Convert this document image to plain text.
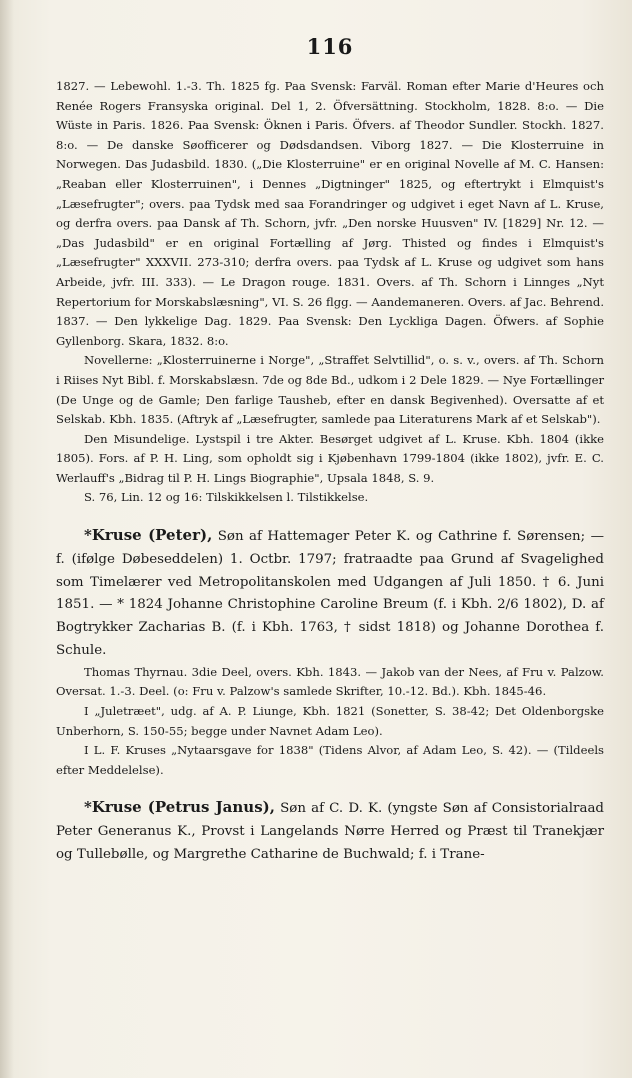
116

1827. — Lebewohl. 1.-3. Th. 1825 fg. Paa Svensk: Farväl. Roman efter Marie d'Heures och Renée Rogers Fransyska original. Del 1, 2. Öfversättning. Stockholm, 1828. 8:o. — Die Wüste in Paris. 1826. Paa Svensk: Öknen i Paris. Öfvers. af Theodor Sundler. Stockh. 1827. 8:o. — De danske Søofficerer og Dødsdandsen. Viborg 1827. — Die Klosterruine in Norwegen. Das Judasbild. 1830. („Die Klosterruine" er en original Novelle af M. C. Hansen: „Reaban eller Klosterruinen", i Dennes „Digtninger" 1825, og eftertrykt i Elmquist's „Læsefrugter"; overs. paa Tydsk med saa Forandringer og udgivet i eget Navn af L. Kruse, og derfra overs. paa Dansk af Th. Schorn, jvfr. „Den norske Huusven" IV. [1829] Nr. 12. — „Das Judasbild" er en original Fortælling af Jørg. Thisted og findes i Elmquist's „Læsefrugter" XXXVII. 273-310; derfra overs. paa Tydsk af L. Kruse og udgivet som hans Arbeide, jvfr. III. 333). — Le Dragon rouge. 1831. Overs. af Th. Schorn i Linnges „Nyt Repertorium for Morskabslæsning", VI. S. 26 flgg. — Aandemaneren. Overs. af Jac. Behrend. 1837. — Den lykkelige Dag. 1829. Paa Svensk: Den Lyckliga Dagen. Öfwers. af Sophie Gyllenborg. Skara, 1832. 8:o.

Novellerne: „Klosterruinerne i Norge", „Straffet Selvtillid", o. s. v., overs. af Th. Schorn i Riises Nyt Bibl. f. Morskabslæsn. 7de og 8de Bd., udkom i 2 Dele 1829. — Nye Fortællinger (De Unge og de Gamle; Den farlige Tausheb, efter en dansk Begivenhed). Oversatte af et Selskab. Kbh. 1835. (Aftryk af „Læsefrugter, samlede paa Literaturens Mark af et Selskab").

Den Misundelige. Lystspil i tre Akter. Besørget udgivet af L. Kruse. Kbh. 1804 (ikke 1805). Fors. af P. H. Ling, som opholdt sig i Kjøbenhavn 1799-1804 (ikke 1802), jvfr. E. C. Werlauff's „Bidrag til P. H. Lings Biographie", Upsala 1848, S. 9.

S. 76, Lin. 12 og 16: Tilskikkelsen l. Tilstikkelse.

*Kruse (Peter), Søn af Hattemager Peter K. og Cathrine f. Sørensen; — f. (ifølge Døbeseddelen) 1. Octbr. 1797; fratraadte paa Grund af Svagelighed som Timelærer ved Metropolitanskolen med Udgangen af Juli 1850. † 6. Juni 1851. — * 1824 Johanne Christophine Caroline Breum (f. i Kbh. 2/6 1802), D. af Bogtrykker Zacharias B. (f. i Kbh. 1763, † sidst 1818) og Johanne Dorothea f. Schule.

Thomas Thyrnau. 3die Deel, overs. Kbh. 1843. — Jakob van der Nees, af Fru v. Palzow. Oversat. 1.-3. Deel. (o: Fru v. Palzow's samlede Skrifter, 10.-12. Bd.). Kbh. 1845-46.

I „Juletræet", udg. af A. P. Liunge, Kbh. 1821 (Sonetter, S. 38-42; Det Oldenborgske Unberhorn, S. 150-55; begge under Navnet Adam Leo).

I L. F. Kruses „Nytaarsgave for 1838" (Tidens Alvor, af Adam Leo, S. 42). — (Tildeels efter Meddelelse).

*Kruse (Petrus Janus), Søn af C. D. K. (yngste Søn af Consistorialraad Peter Generanus K., Provst i Langelands Nørre Herred og Præst til Tranekjær og Tullebølle, og Margrethe Catharine de Buchwald; f. i Trane-
